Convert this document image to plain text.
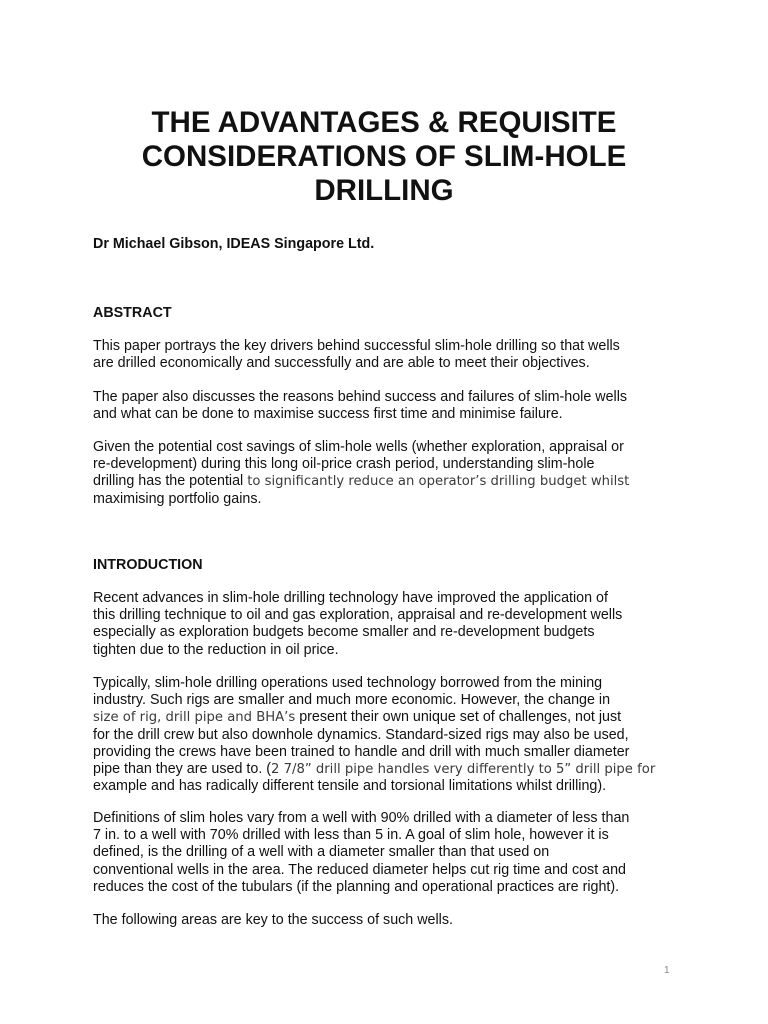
THE ADVANTAGES & REQUISITE
CONSIDERATIONS OF SLIM-HOLE
DRILLING
Dr Michael Gibson, IDEAS Singapore Ltd.
ABSTRACT
This paper portrays the key drivers behind successful slim-hole drilling so that wells
are drilled economically and successfully and are able to meet their objectives.
The paper also discusses the reasons behind success and failures of slim-hole wells
and what can be done to maximise success first time and minimise failure.
Given the potential cost savings of slim-hole wells (whether exploration, appraisal or
re-development) during this long oil-price crash period, understanding slim-hole
drilling has the potential to significantly reduce an operator’s drilling budget whilst
maximising portfolio gains.
INTRODUCTION
Recent advances in slim-hole drilling technology have improved the application of
this drilling technique to oil and gas exploration, appraisal and re-development wells
especially as exploration budgets become smaller and re-development budgets
tighten due to the reduction in oil price.
Typically, slim-hole drilling operations used technology borrowed from the mining
industry. Such rigs are smaller and much more economic. However, the change in
size of rig, drill pipe and BHA’s present their own unique set of challenges, not just
for the drill crew but also downhole dynamics. Standard-sized rigs may also be used,
providing the crews have been trained to handle and drill with much smaller diameter
pipe than they are used to. (2 7/8” drill pipe handles very differently to 5” drill pipe for
example and has radically different tensile and torsional limitations whilst drilling).
Definitions of slim holes vary from a well with 90% drilled with a diameter of less than
7 in. to a well with 70% drilled with less than 5 in. A goal of slim hole, however it is
defined, is the drilling of a well with a diameter smaller than that used on
conventional wells in the area. The reduced diameter helps cut rig time and cost and
reduces the cost of the tubulars (if the planning and operational practices are right).
The following areas are key to the success of such wells.
1
